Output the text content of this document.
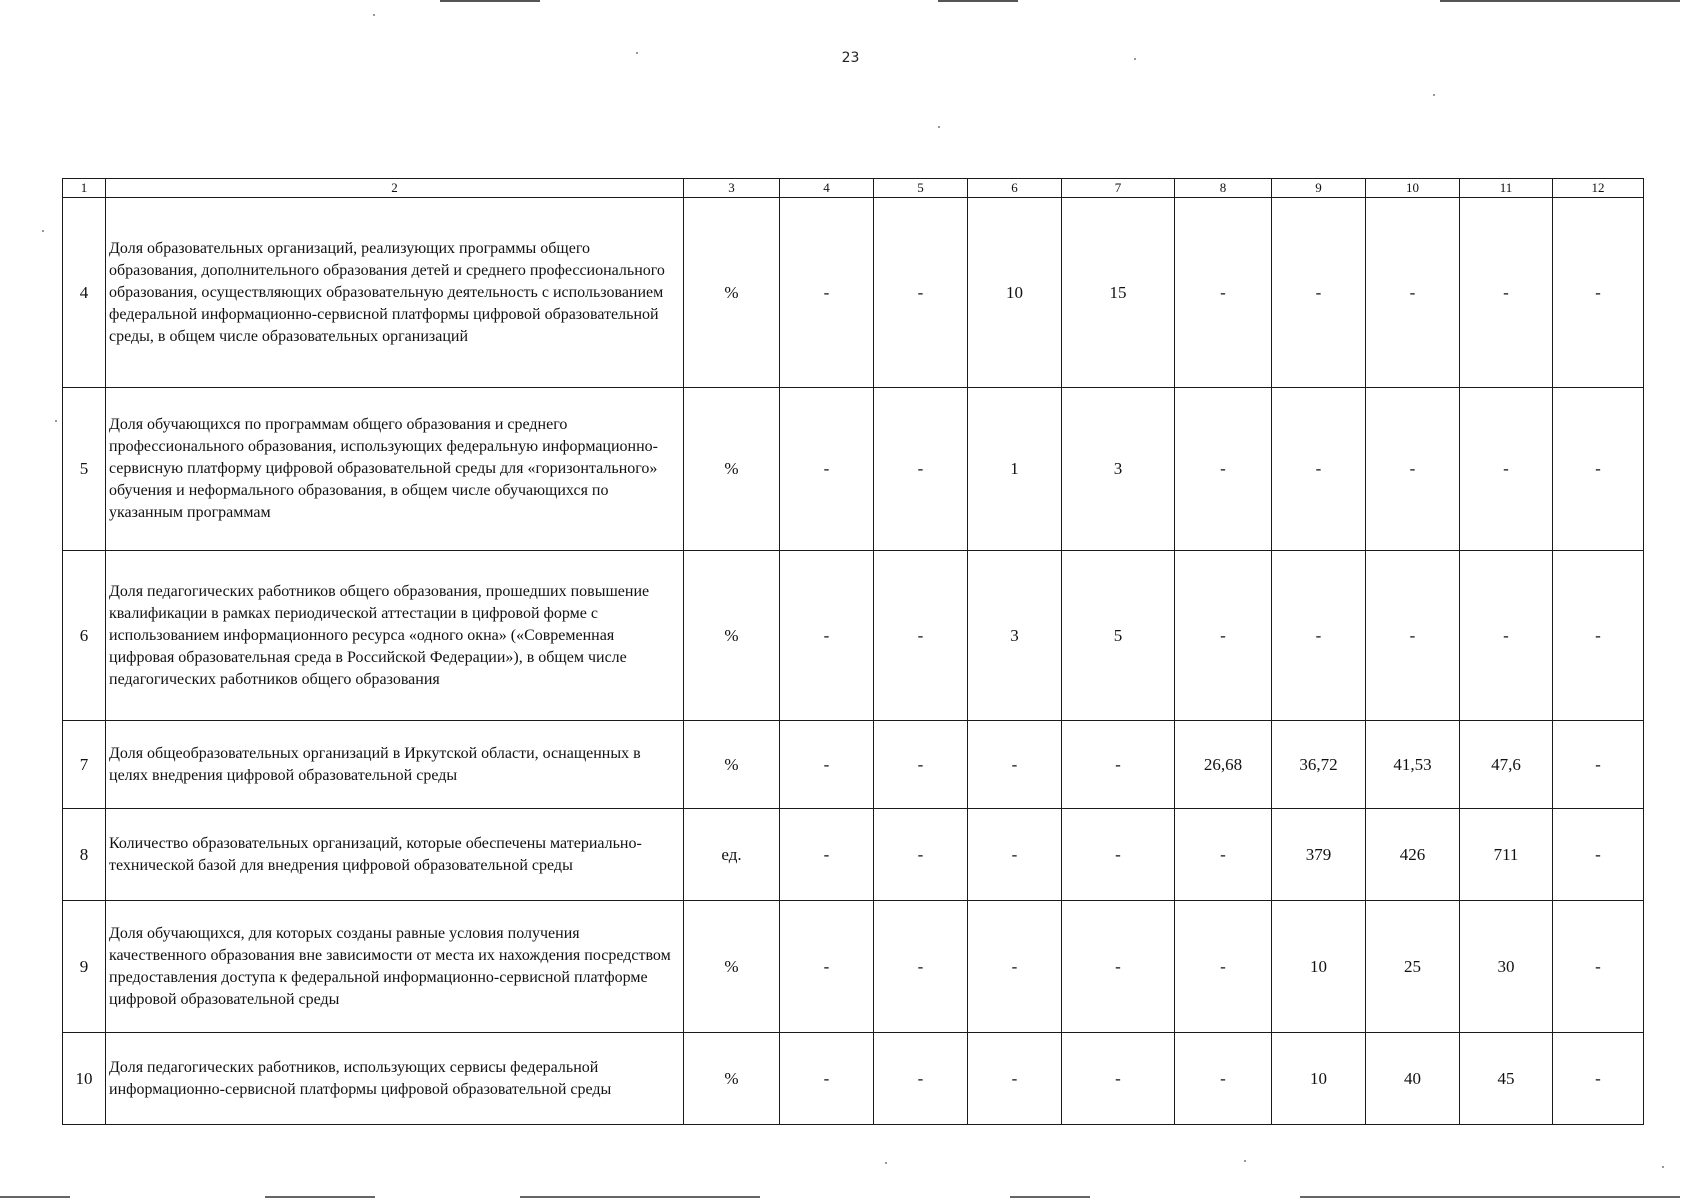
23
1	2	3	4	5	6	7	8	9	10	11	12
4	Доля образовательных организаций, реализующих программы общего образования, дополнительного образования детей и среднего профессионального образования, осуществляющих образовательную деятельность с использованием федеральной информационно-сервисной платформы цифровой образовательной среды, в общем числе образовательных организаций	%	-	-	10	15	-	-	-	-	-
5	Доля обучающихся по программам общего образования и среднего профессионального образования, использующих федеральную информационно-сервисную платформу цифровой образовательной среды для «горизонтального» обучения и неформального образования, в общем числе обучающихся по указанным программам	%	-	-	1	3	-	-	-	-	-
6	Доля педагогических работников общего образования, прошедших повышение квалификации в рамках периодической аттестации в цифровой форме с использованием информационного ресурса «одного окна» («Современная цифровая образовательная среда в Российской Федерации»), в общем числе педагогических работников общего образования	%	-	-	3	5	-	-	-	-	-
7	Доля общеобразовательных организаций в Иркутской области, оснащенных в целях внедрения цифровой образовательной среды	%	-	-	-	-	26,68	36,72	41,53	47,6	-
8	Количество образовательных организаций, которые обеспечены материально-технической базой для внедрения цифровой образовательной среды	ед.	-	-	-	-	-	379	426	711	-
9	Доля обучающихся, для которых созданы равные условия получения качественного образования вне зависимости от места их нахождения посредством предоставления доступа к федеральной информационно-сервисной платформе цифровой образовательной среды	%	-	-	-	-	-	10	25	30	-
10	Доля педагогических работников, использующих сервисы федеральной информационно-сервисной платформы цифровой образовательной среды	%	-	-	-	-	-	10	40	45	-
